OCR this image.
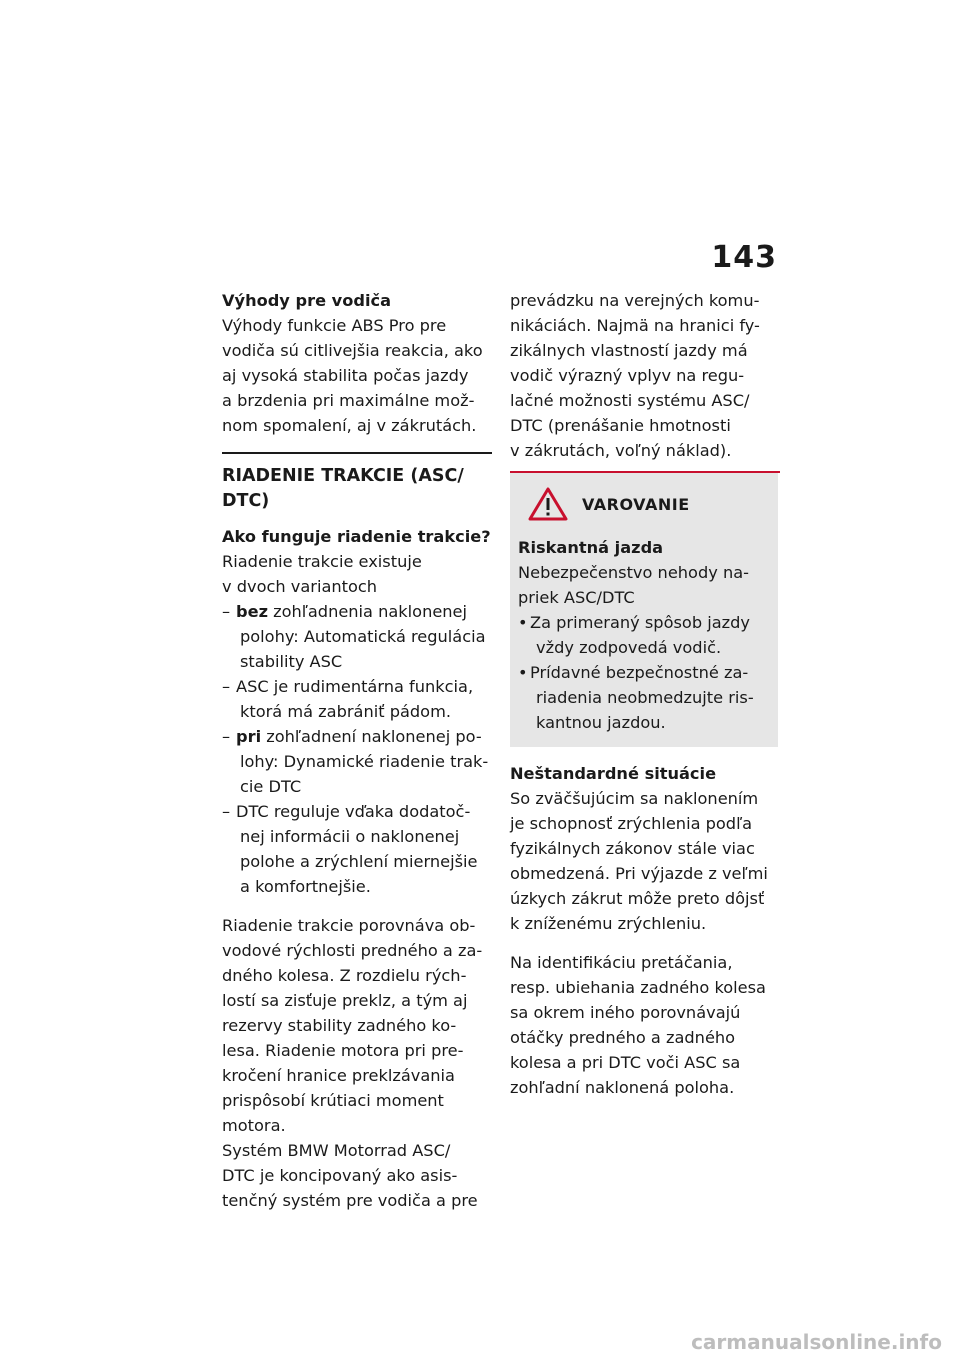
143

Výhody pre vodiča

Výhody funkcie ABS Pro pre

vodiča sú citlivejšia reakcia, ako

aj vysoká stabilita počas jazdy

a brzdenia pri maximálne mož-

nom spomalení, aj v zákrutách.

RIADENIE TRAKCIE (ASC/
DTC)

Ako funguje riadenie trakcie?

Riadenie trakcie existuje

v dvoch variantoch

– bez zohľadnenia naklonenej
polohy: Automatická regulácia
stability ASC
– ASC je rudimentárna funkcia,
ktorá má zabrániť pádom.
– pri zohľadnení naklonenej po-
lohy: Dynamické riadenie trak-
cie DTC
– DTC reguluje vďaka dodatoč-
nej informácii o naklonenej
polohe a zrýchlení miernejšie
a komfortnejšie.

Riadenie trakcie porovnáva ob-

vodové rýchlosti predného a za-

dného kolesa. Z rozdielu rých-

lostí sa zisťuje preklz, a tým aj

rezervy stability zadného ko-

lesa. Riadenie motora pri pre-

kročení hranice preklzávania

prispôsobí krútiaci moment

motora.

Systém BMW Motorrad ASC/

DTC je koncipovaný ako asis-

tenčný systém pre vodiča a pre

prevádzku na verejných komu-

nikáciách. Najmä na hranici fy-

zikálnych vlastností jazdy má

vodič výrazný vplyv na regu-

lačné možnosti systému ASC/

DTC (prenášanie hmotnosti

v zákrutách, voľný náklad).

VAROVANIE

Riskantná jazda

Nebezpečenstvo nehody na-

priek ASC/DTC

• Za primeraný spôsob jazdy
vždy zodpovedá vodič.
• Prídavné bezpečnostné za-
riadenia neobmedzujte ris-
kantnou jazdou.

Neštandardné situácie

So zväčšujúcim sa naklonením

je schopnosť zrýchlenia podľa

fyzikálnych zákonov stále viac

obmedzená. Pri výjazde z veľmi

úzkych zákrut môže preto dôjsť

k zníženému zrýchleniu.

Na identifikáciu pretáčania,

resp. ubiehania zadného kolesa

sa okrem iného porovnávajú

otáčky predného a zadného

kolesa a pri DTC voči ASC sa

zohľadní naklonená poloha.

carmanualsonline.info
